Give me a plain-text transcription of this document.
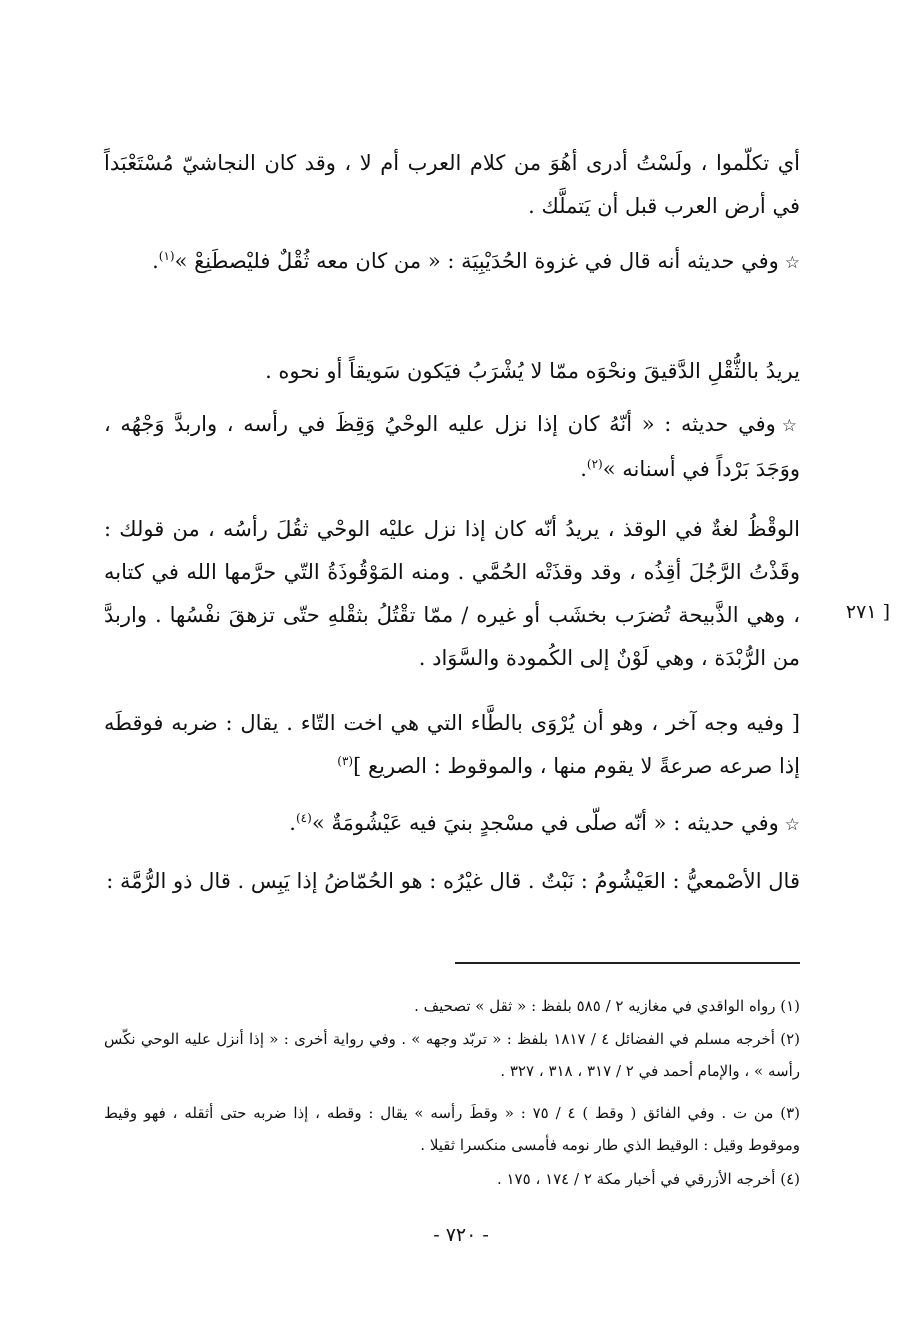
أي تكلّموا ، ولَسْتُ أدرى أهُوَ من كلام العرب أم لا ، وقد كان النجاشيّ مُسْتَعْبَداً في أرض العرب قبل أن يَتملَّك .

☆وفي حديثه أنه قال في غزوة الحُدَيْبِيَة : « من كان معه ثُقْلٌ فليْصطَنِعْ »$^{(١)}$.

يريدُ بالثُّقْلِ الدَّقيقَ ونحْوَه ممّا لا يُشْرَبُ فيَكون سَويقاً أو نحوه .

☆وفي حديثه : « أنّهُ كان إذا نزل عليه الوحْيُ وَقِظَ في رأسه ، واربدَّ وَجْهُه ، ووَجَدَ بَرْداً في أسنانه »$^{(٢)}$.

الوقْظُ لغةٌ في الوقذ ، يريدُ أنّه كان إذا نزل عليْه الوحْي ثقُلَ رأسُه ، من قولك : وقَذْتُ الرَّجُلَ أقِذُه ، وقد وقذَتْه الحُمَّي . ومنه المَوْقُوذَةُ التّي حرَّمها الله في كتابه ، وهي الذَّبيحة تُضرَب بخشَب أو غيره / ممّا تقْتُلُ بثقْلهِ حتّى تزهقَ نفْسُها . واربدَّ من الرُّبْدَة ، وهي لَوْنٌ إلى الكُمودة والسَّوَاد .

[ وفيه وجه آخر ، وهو أن يُرْوَى بالطَّاء التي هي اخت التّاء . يقال : ضربه فوقطَه إذا صرعه صرعةً لا يقوم منها ، والموقوط : الصريع ]$^{(٣)}$

☆وفي حديثه : « أنّه صلّى في مسْجدٍ بنيَ فيه عَيْشُومَةٌ »$^{(٤)}$.

قال الأصْمعيُّ : العَيْشُومُ : نَبْتٌ . قال غيْرُه : هو الحُمّاضُ إذا يَبِس . قال ذو الرُّمَّة :

[ ٢٧١

(١) رواه الواقدي في مغازيه ٢ / ٥٨٥ بلفظ : « ثقل » تصحيف .

(٢) أخرجه مسلم في الفضائل ٤ / ١٨١٧ بلفظ : « تربّد وجهه » . وفي رواية أخرى : « إذا أنزل عليه الوحي نكّس رأسه » ، والإمام أحمد في ٢ / ٣١٧ ، ٣١٨ ، ٣٢٧ .

(٣) من ت . وفي الفائق ( وقط ) ٤ / ٧٥ : « وقطَ رأسه » يقال : وقطه ، إذا ضربه حتى أثقله ، فهو وقيط وموقوط وقيل : الوقيط الذي طار نومه فأمسى منكسرا ثقيلا .

(٤) أخرجه الأزرقي في أخبار مكة ٢ / ١٧٤ ، ١٧٥ .

- ٧٢٠ -
